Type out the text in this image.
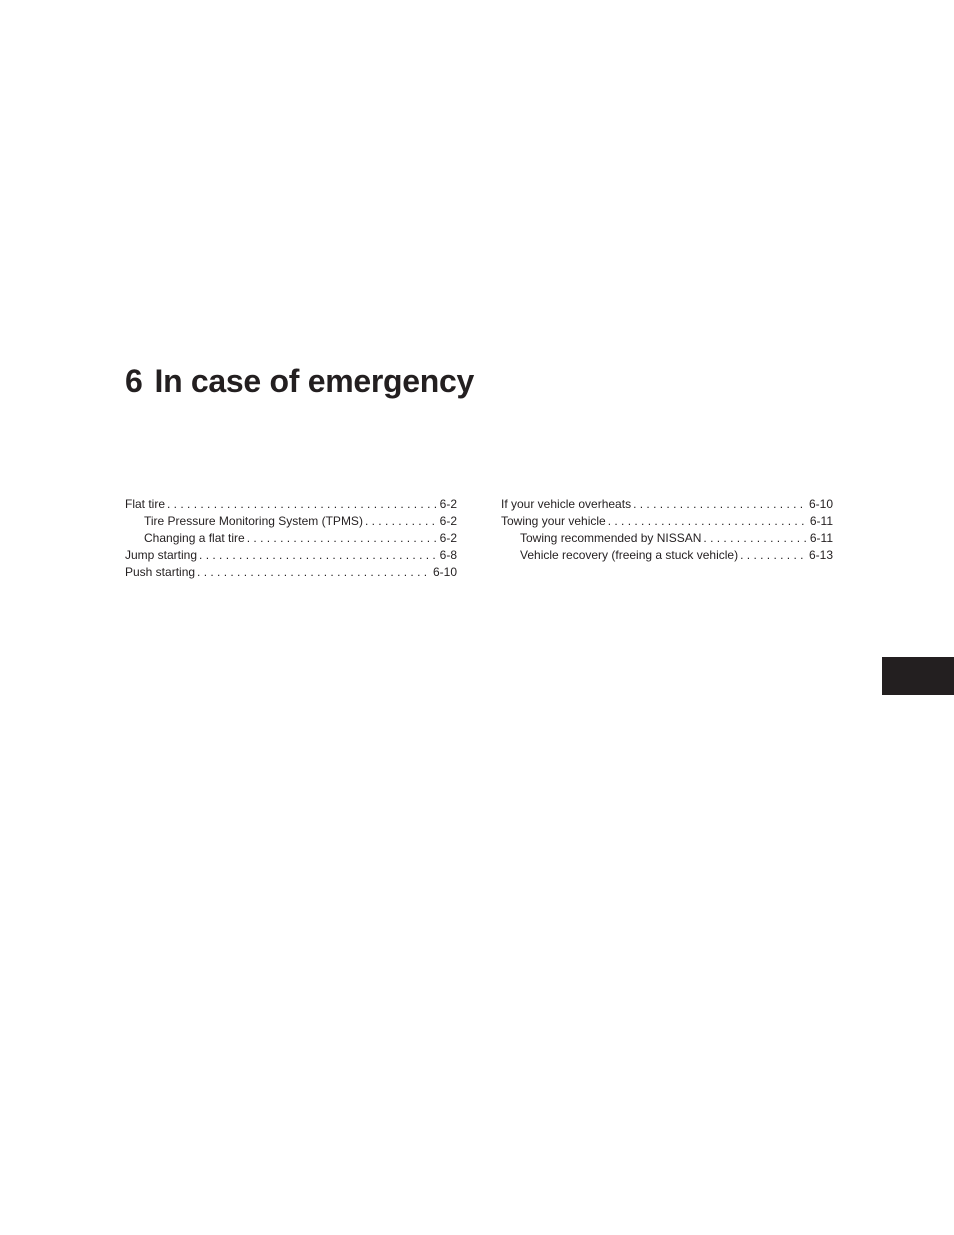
6 In case of emergency
Flat tire . . .	6-2
Tire Pressure Monitoring System (TPMS) . . .	6-2
Changing a flat tire . . .	6-2
Jump starting . . .	6-8
Push starting . . .	6-10
If your vehicle overheats . . .	6-10
Towing your vehicle . . .	6-11
Towing recommended by NISSAN . . .	6-11
Vehicle recovery (freeing a stuck vehicle) . . .	6-13
